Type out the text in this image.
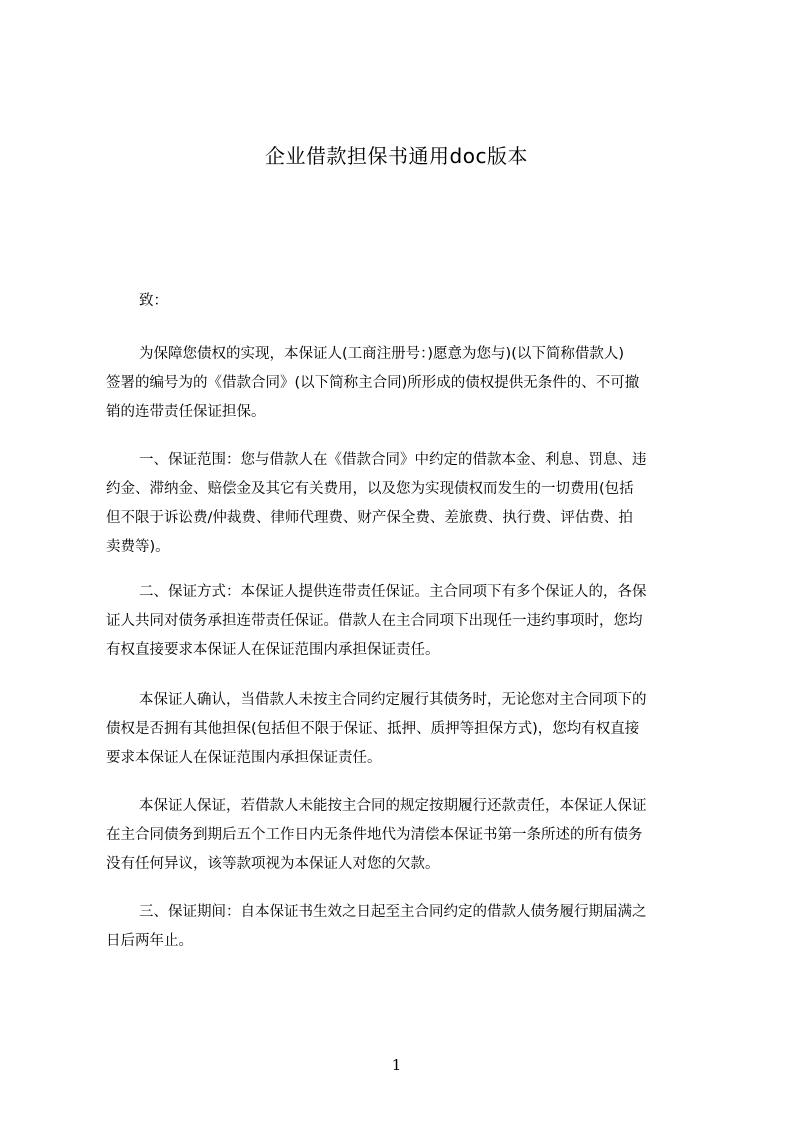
企业借款担保书通用doc版本
致：
为保障您债权的实现，本保证人(工商注册号：)愿意为您与)(以下简称借款人)
签署的编号为的《借款合同》(以下简称主合同)所形成的债权提供无条件的、不可撤
销的连带责任保证担保。
一、保证范围：您与借款人在《借款合同》中约定的借款本金、利息、罚息、违
约金、滞纳金、赔偿金及其它有关费用，以及您为实现债权而发生的一切费用(包括
但不限于诉讼费/仲裁费、律师代理费、财产保全费、差旅费、执行费、评估费、拍
卖费等)。
二、保证方式：本保证人提供连带责任保证。主合同项下有多个保证人的，各保
证人共同对债务承担连带责任保证。借款人在主合同项下出现任一违约事项时，您均
有权直接要求本保证人在保证范围内承担保证责任。
本保证人确认，当借款人未按主合同约定履行其债务时，无论您对主合同项下的
债权是否拥有其他担保(包括但不限于保证、抵押、质押等担保方式)，您均有权直接
要求本保证人在保证范围内承担保证责任。
本保证人保证，若借款人未能按主合同的规定按期履行还款责任，本保证人保证
在主合同债务到期后五个工作日内无条件地代为清偿本保证书第一条所述的所有债务
没有任何异议，该等款项视为本保证人对您的欠款。
三、保证期间：自本保证书生效之日起至主合同约定的借款人债务履行期届满之
日后两年止。
1
